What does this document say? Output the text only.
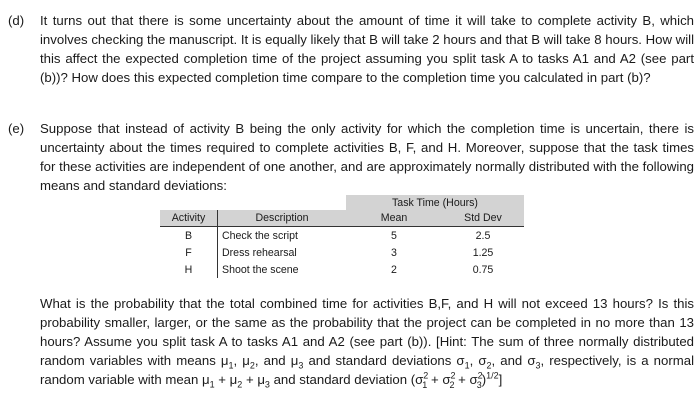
(d) It turns out that there is some uncertainty about the amount of time it will take to complete activity B, which involves checking the manuscript. It is equally likely that B will take 2 hours and that B will take 8 hours. How will this affect the expected completion time of the project assuming you split task A to tasks A1 and A2 (see part (b))? How does this expected completion time compare to the completion time you calculated in part (b)?
(e) Suppose that instead of activity B being the only activity for which the completion time is uncertain, there is uncertainty about the times required to complete activities B, F, and H. Moreover, suppose that the task times for these activities are independent of one another, and are approximately normally distributed with the following means and standard deviations:
		Task Time (Hours)	
Activity	Description	Mean	Std Dev
B	Check the script	5	2.5
F	Dress rehearsal	3	1.25
H	Shoot the scene	2	0.75
What is the probability that the total combined time for activities B,F, and H will not exceed 13 hours? Is this probability smaller, larger, or the same as the probability that the project can be completed in no more than 13 hours? Assume you split task A to tasks A1 and A2 (see part (b)). [Hint: The sum of three normally distributed random variables with means $\mu_1$, $\mu_2$, and $\mu_3$ and standard deviations $\sigma_1$, $\sigma_2$, and $\sigma_3$, respectively, is a normal random variable with mean $\mu_1 + \mu_2 + \mu_3$ and standard deviation $(\sigma^2_1 + \sigma^2_2 + \sigma^2_3)^{1/2}$]
